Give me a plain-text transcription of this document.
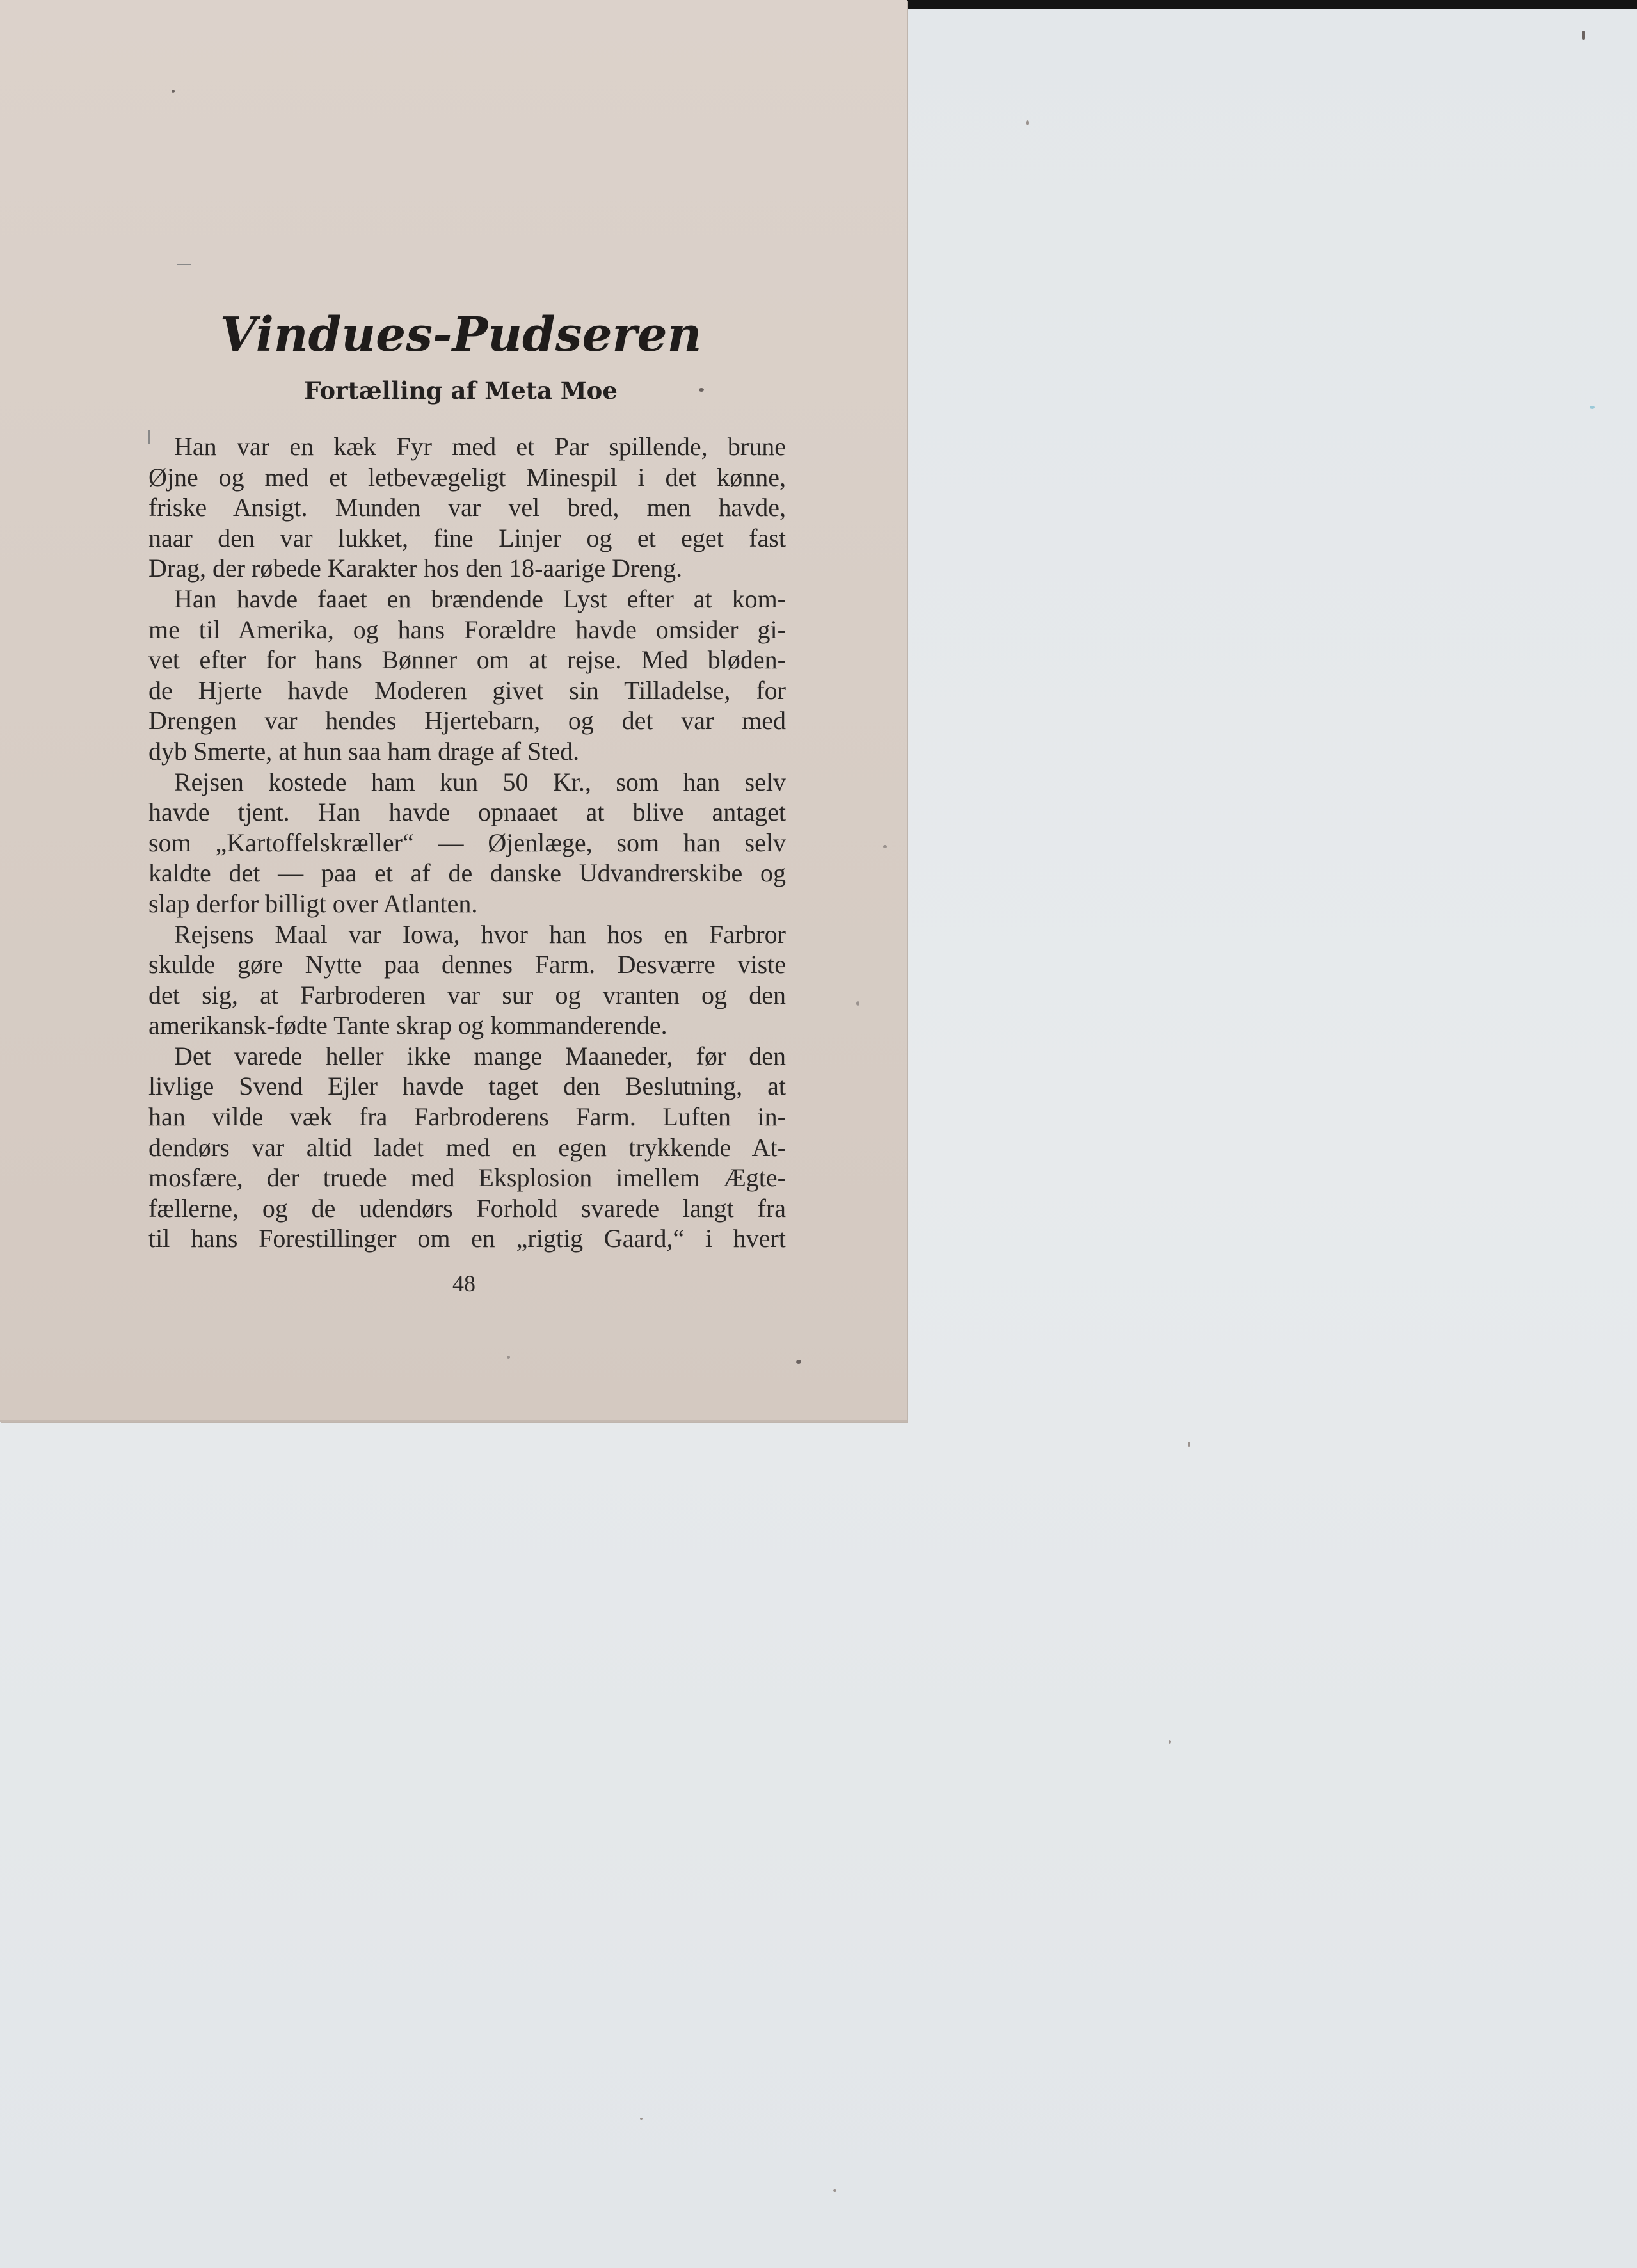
Vindues-Pudseren
Fortælling af Meta Moe
Han var en kæk Fyr med et Par spillende, brune
Øjne og med et letbevægeligt Minespil i det kønne,
friske Ansigt. Munden var vel bred, men havde,
naar den var lukket, fine Linjer og et eget fast
Drag, der røbede Karakter hos den 18-aarige Dreng.
Han havde faaet en brændende Lyst efter at kom-
me til Amerika, og hans Forældre havde omsider gi-
vet efter for hans Bønner om at rejse. Med bløden-
de Hjerte havde Moderen givet sin Tilladelse, for
Drengen var hendes Hjertebarn, og det var med
dyb Smerte, at hun saa ham drage af Sted.
Rejsen kostede ham kun 50 Kr., som han selv
havde tjent. Han havde opnaaet at blive antaget
som „Kartoffelskræller“ — Øjenlæge, som han selv
kaldte det — paa et af de danske Udvandrerskibe og
slap derfor billigt over Atlanten.
Rejsens Maal var Iowa, hvor han hos en Farbror
skulde gøre Nytte paa dennes Farm. Desværre viste
det sig, at Farbroderen var sur og vranten og den
amerikansk-fødte Tante skrap og kommanderende.
Det varede heller ikke mange Maaneder, før den
livlige Svend Ejler havde taget den Beslutning, at
han vilde væk fra Farbroderens Farm. Luften in-
dendørs var altid ladet med en egen trykkende At-
mosfære, der truede med Eksplosion imellem Ægte-
fællerne, og de udendørs Forhold svarede langt fra
til hans Forestillinger om en „rigtig Gaard,“ i hvert
48
